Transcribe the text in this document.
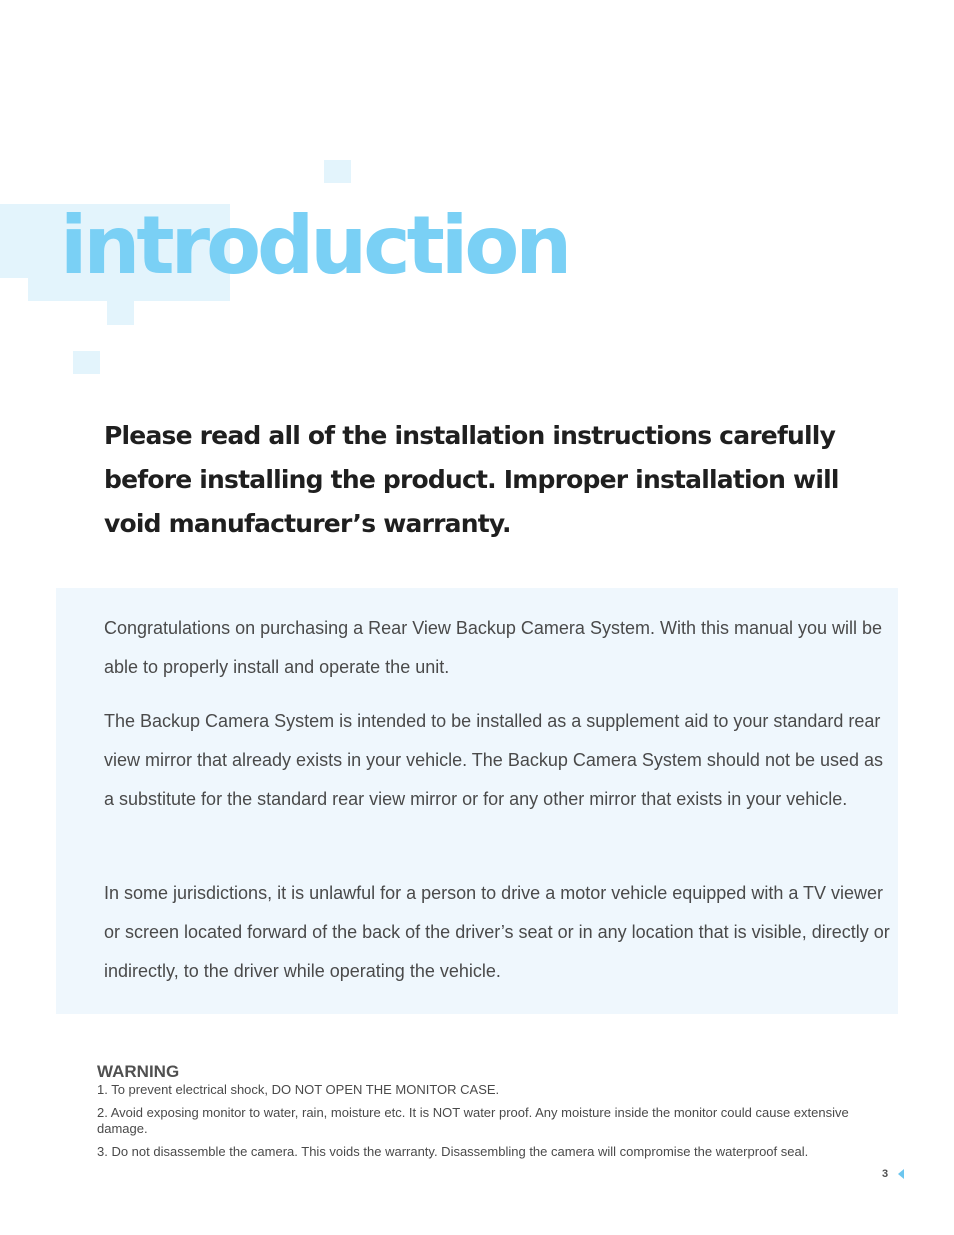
introduction

Please read all of the installation instructions carefully before installing the product. Improper installation will void manufacturer’s warranty.

Congratulations on purchasing a Rear View Backup Camera System. With this manual you will be able to properly install and operate the unit.

The Backup Camera System is intended to be installed as a supplement aid to your standard rear view mirror that already exists in your vehicle. The Backup Camera System should not be used as a substitute for the standard rear view mirror or for any other mirror that exists in your vehicle.

In some jurisdictions, it is unlawful for a person to drive a motor vehicle equipped with a TV viewer or screen located forward of the back of the driver’s seat or in any location that is visible, directly or indirectly, to the driver while operating the vehicle.

WARNING
1. To prevent electrical shock, DO NOT OPEN THE MONITOR CASE.
2. Avoid exposing monitor to water, rain, moisture etc. It is NOT water proof. Any moisture inside the monitor could cause extensive damage.
3. Do not disassemble the camera. This voids the warranty. Disassembling the camera will compromise the waterproof seal.
3
